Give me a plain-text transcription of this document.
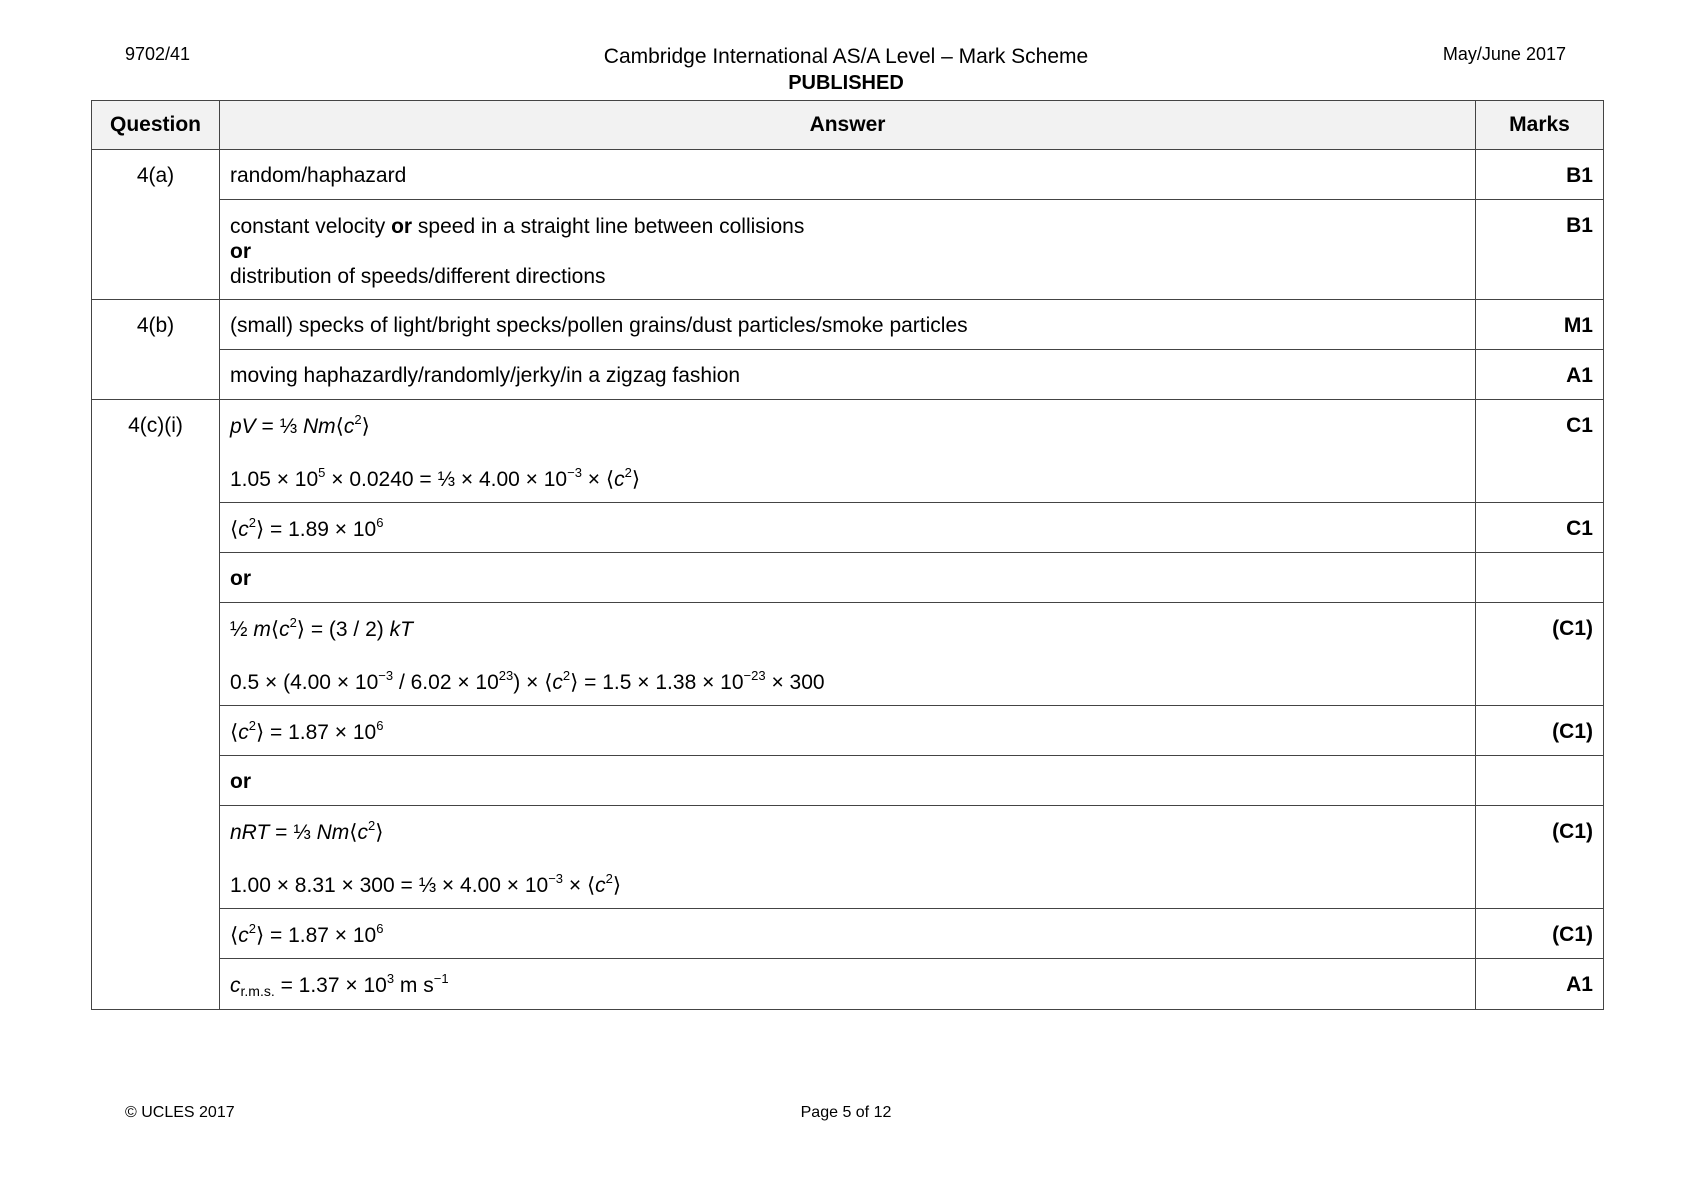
9702/41	Cambridge International AS/A Level – Mark Scheme
PUBLISHED
May/June 2017
Question	Answer	Marks
4(a)	random/haphazard	B1

	constant velocity or speed in a straight line between collisions
or
distribution of speeds/different directions	B1
4(b)	(small) specks of light/bright specks/pollen grains/dust particles/smoke particles	M1
	moving haphazardly/randomly/jerky/in a zigzag fashion	A1
4(c)(i)	pV = ⅓ $Nm⟨c^2⟩$
$1.05 \times 10^5 \times 0.0240$ = ⅓ × $4.00 \times 10^{-3}$ × $⟨c^2⟩$	C1

	$⟨c^2⟩ = 1.89 \times 10^6$	C1
	or	

	½ $m⟨c^2⟩ = (3 / 2)$ kT
$0.5 \times (4.00 \times 10^{-3} / 6.02 \times 10^{23})$ × $⟨c^2⟩ = 1.5 \times 1.38 \times 10^{-23} \times 300$	(C1)

	$⟨c^2⟩ = 1.87 \times 10^6$	(C1)
	or	

	nRT = ⅓ $Nm⟨c^2⟩$
1.00 × 8.31 × 300 = ⅓ × $4.00 \times 10^{-3}$ × $⟨c^2⟩$	(C1)

	$⟨c^2⟩ = 1.87 \times 10^6$	(C1)

	$c_{r.m.s.} = 1.37 \times 10^3$ m $s^{-1}$	A1
© UCLES 2017	Page 5 of 12
